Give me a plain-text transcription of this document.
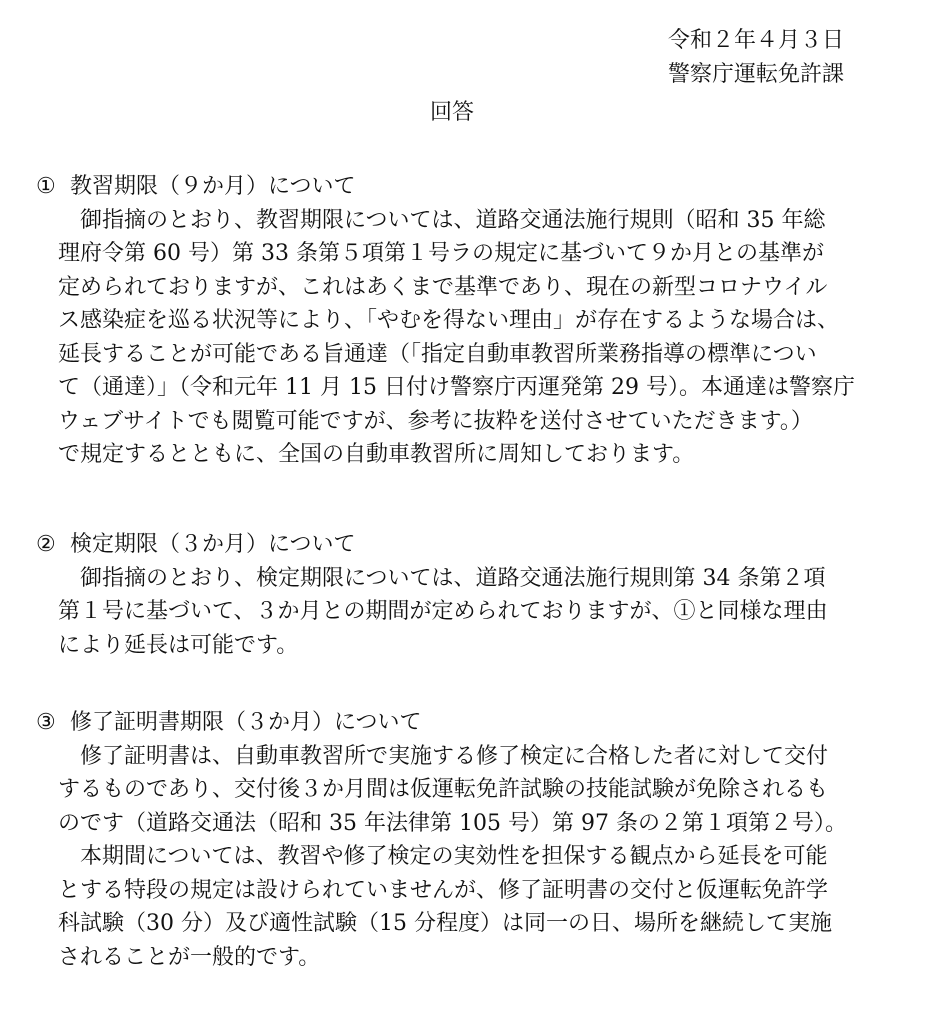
令和２年４月３日
警察庁運転免許課
回答
① 教習期限（９か月）について
御指摘のとおり、教習期限については、道路交通法施行規則（昭和 35 年総
理府令第 60 号）第 33 条第５項第１号ラの規定に基づいて９か月との基準が
定められておりますが、これはあくまで基準であり、現在の新型コロナウイル
ス感染症を巡る状況等により、「やむを得ない理由」が存在するような場合は、
延長することが可能である旨通達（「指定自動車教習所業務指導の標準につい
て（通達）」（令和元年 11 月 15 日付け警察庁丙運発第 29 号）。本通達は警察庁
ウェブサイトでも閲覧可能ですが、参考に抜粋を送付させていただきます。）
で規定するとともに、全国の自動車教習所に周知しております。
② 検定期限（３か月）について
御指摘のとおり、検定期限については、道路交通法施行規則第 34 条第２項
第１号に基づいて、３か月との期間が定められておりますが、①と同様な理由
により延長は可能です。
③ 修了証明書期限（３か月）について
修了証明書は、自動車教習所で実施する修了検定に合格した者に対して交付
するものであり、交付後３か月間は仮運転免許試験の技能試験が免除されるも
のです（道路交通法（昭和 35 年法律第 105 号）第 97 条の２第１項第２号）。
本期間については、教習や修了検定の実効性を担保する観点から延長を可能
とする特段の規定は設けられていませんが、修了証明書の交付と仮運転免許学
科試験（30 分）及び適性試験（15 分程度）は同一の日、場所を継続して実施
されることが一般的です。
